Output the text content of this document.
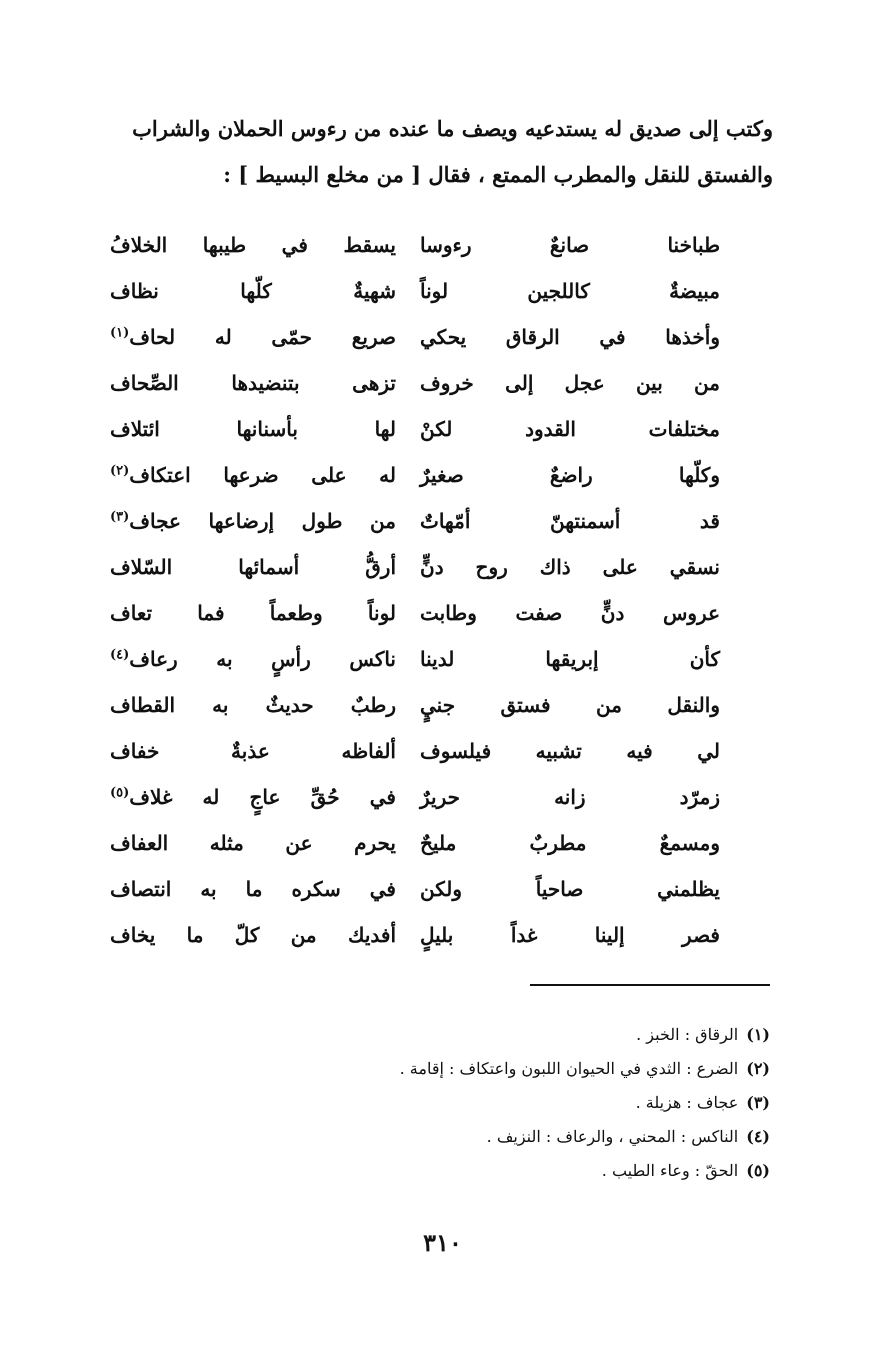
وكتب إلى صديق له يستدعيه ويصف ما عنده من رءوس الحملان والشراب

والفستق للنقل والمطرب الممتع ، فقال [ من مخلع البسيط ] :

طباخنا صانعٌ رءوسا
يسقط في طيبها الخلافُ
مبيضةٌ كاللجين لوناً
شهيةٌ كلّها نظاف
وأخذها في الرقاق يحكي
صريع حمّى له لحاف$^{(١)}$
من بين عجل إلى خروف
تزهى بتنضيدها الصِّحاف
مختلفات القدود لكنْ
لها بأسنانها ائتلاف
وكلّها راضعٌ صغيرٌ
له على ضرعها اعتكاف$^{(٢)}$
قد أسمنتهنّ أمّهاتٌ
من طول إرضاعها عجاف$^{(٣)}$
نسقي على ذاك روح دنٍّ
أرقُّ أسمائها السّلاف
عروس دنٍّ صفت وطابت
لوناً وطعماً فما تعاف
كأن إبريقها لدينا
ناكس رأسٍ به رعاف$^{(٤)}$
والنقل من فستق جنيٍ
رطبٌ حديثٌ به القطاف
لي فيه تشبيه فيلسوف
ألفاظه عذبةٌ خفاف
زمرّد زانه حريرٌ
في حُقِّ عاجٍ له غلاف$^{(٥)}$
ومسمعٌ مطربٌ مليحٌ
يحرم عن مثله العفاف
يظلمني صاحياً ولكن
في سكره ما به انتصاف
فصر إلينا غداً بليلٍ
أفديك من كلّ ما يخاف
(١)
الرقاق : الخبز .
(٢)
الضرع : الثدي في الحيوان اللبون واعتكاف : إقامة .
(٣)
عجاف : هزيلة .
(٤)
الناكس : المحني ، والرعاف : النزيف .
(٥)
الحقّ : وعاء الطيب .
٣١٠
